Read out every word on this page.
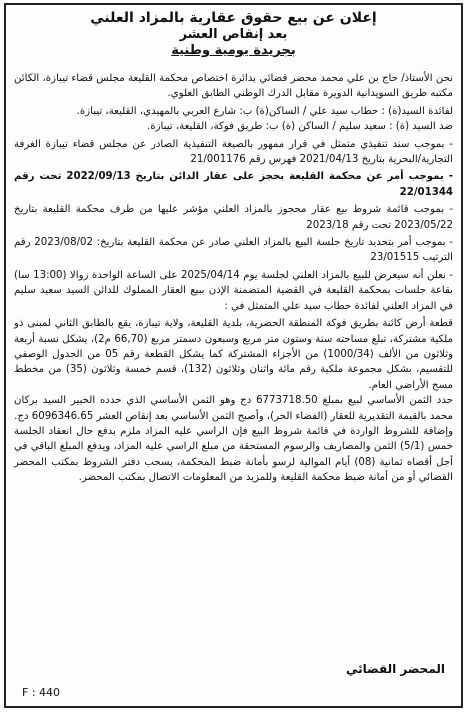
إعلان عن بيع حقوق عقارية بالمزاد العلني
بعد إنقاص العشر
بجريدة يومية وطنية

نحن الأستاذ/ حاج بن علي محمد محضر قضائي بدائرة اختصاص محكمة القليعة مجلس قضاء تيبازة، الكائن مكتبه طريق السويدانية الدويرة مقابل الدرك الوطني الطابق العلوي.

لفائدة السيد(ة) : حطاب سيد علي / الساكن(ة) ب: شارع العربي بالمهيدي، القليعة، تيبازة.

ضد السيد (ة) : سعيد سليم / الساكن (ة) ب: طريق فوكة، القليعة، تيبازة.

- بموجب سند تنفيذي متمثل في قرار ممهور بالصيغة التنفيذية الصادر عن مجلس قضاء تيبازة الغرفة التجارية/البحرية بتاريخ 2021/04/13 فهرس رقم 21/001176

- بموجب أمر عن محكمة القليعة بحجز على عقار الدائن بتاريخ 2022/09/13 تحت رقم 22/01344

- بموجب قائمة شروط بيع عقار محجوز بالمزاد العلني مؤشر عليها من طرف محكمة القليعة بتاريخ 2023/05/22 تحت رقم 2023/18

- بموجب أمر بتحديد تاريخ جلسة البيع بالمزاد العلني صادر عن محكمة القليعة بتاريخ: 2023/08/02 رقم الترتيب 23/01515

- نعلن أنه سيعرض للبيع بالمزاد العلني لجلسة يوم 2025/04/14 على الساعة الواحدة زوالا (13:00 سا) بقاعة جلسات بمحكمة القليعة في القضية المتضمنة الإذن ببيع العقار المملوك للدائن السيد سعيد سليم في المزاد العلني لفائدة حطاب سيد علي المتمثل في :

قطعة أرض كائنة بطريق فوكة المنطقة الحضرية، بلدية القليعة، ولاية تيبازة، يقع بالطابق الثاني لمبنى ذو ملكية مشتركة، تبلغ مساحته ستة وستون متر مربع وسبعون دسمتر مربع (66,70 م2)، يشكل نسبة أربعة وثلاثون من الألف (1000/34) من الأجزاء المشتركة كما يشكل القطعة رقم 05 من الجدول الوصفي للتقسيم، بشكل مجموعة ملكية رقم مائة واثنان وثلاثون (132)، قسم خمسة وثلاثون (35) من مخطط مسح الأراضي العام.

حدد الثمن الأساسي لبيع بمبلغ 6773718.50 دج وهو الثمن الأساسي الذي حدده الخبير السيد بركان محمد بالقيمة التقديرية للعقار (الفضاء الحر)، وأصبح الثمن الأساسي بعد إنقاص العشر 6096346.65 دج.

وإضافة للشروط الواردة في قائمة شروط البيع فإن الراسي عليه المزاد ملزم بدفع حال انعقاد الجلسة خمس (5/1) الثمن والمصاريف والرسوم المستحقة من مبلغ الراسي عليه المزاد، ويدفع المبلغ الباقي في أجل أقصاه ثمانية (08) أيام الموالية لرسو بأمانة ضبط المحكمة، يسحب دفتر الشروط بمكتب المحضر القضائي أو من أمانة ضبط محكمة القليعة وللمزيد من المعلومات الاتصال بمكتب المحضر.

المحضر القضائي
F : 440
